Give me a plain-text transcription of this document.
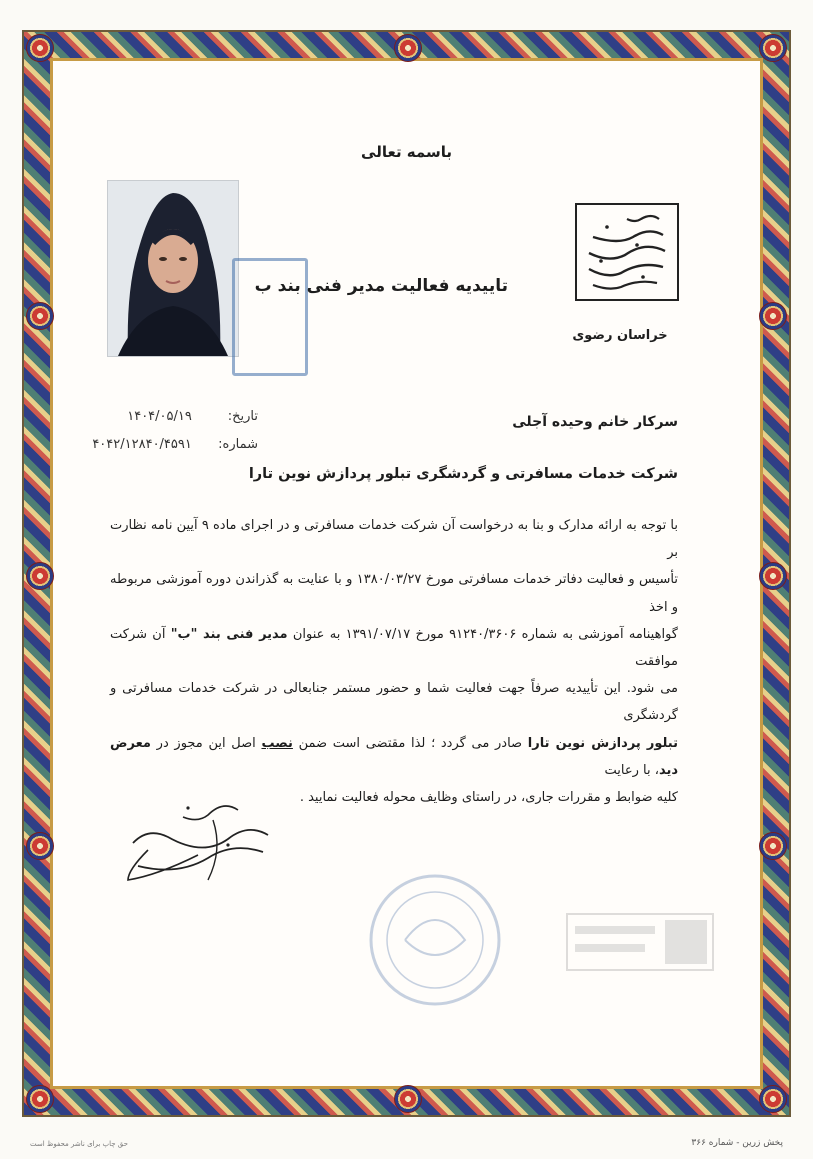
باسمه تعالی
خراسان رضوی
تاییدیه فعالیت مدیر فنی بند ب
تاریخ: ۱۴۰۴/۰۵/۱۹
شماره: ۴۰۴۲/۱۲۸۴۰/۴۵۹۱
سرکار خانم وحیده آجلی
شرکت خدمات مسافرتی و گردشگری تبلور پردازش نوین تارا

با توجه به ارائه مدارک و بنا به درخواست آن شرکت خدمات مسافرتی و در اجرای ماده ۹ آیین نامه نظارت بر

تأسیس و فعالیت دفاتر خدمات مسافرتی مورخ ۱۳۸۰/۰۳/۲۷ و با عنایت به گذراندن دوره آموزشی مربوطه و اخذ

گواهینامه آموزشی به شماره ۹۱۲۴۰/۳۶۰۶ مورخ ۱۳۹۱/۰۷/۱۷ به عنوان مدیر فنی بند "ب" آن شرکت موافقت

می شود. این تأییدیه صرفاً جهت فعالیت شما و حضور مستمر جنابعالی در شرکت خدمات مسافرتی و گردشگری

تبلور پردازش نوین تارا صادر می گردد ؛ لذا مقتضی است ضمن نصب اصل این مجوز در معرض دید، با رعایت

کلیه ضوابط و مقررات جاری، در راستای وظایف محوله فعالیت نمایید .

پخش زرین - شماره ۳۶۶
حق چاپ برای ناشر محفوظ است
